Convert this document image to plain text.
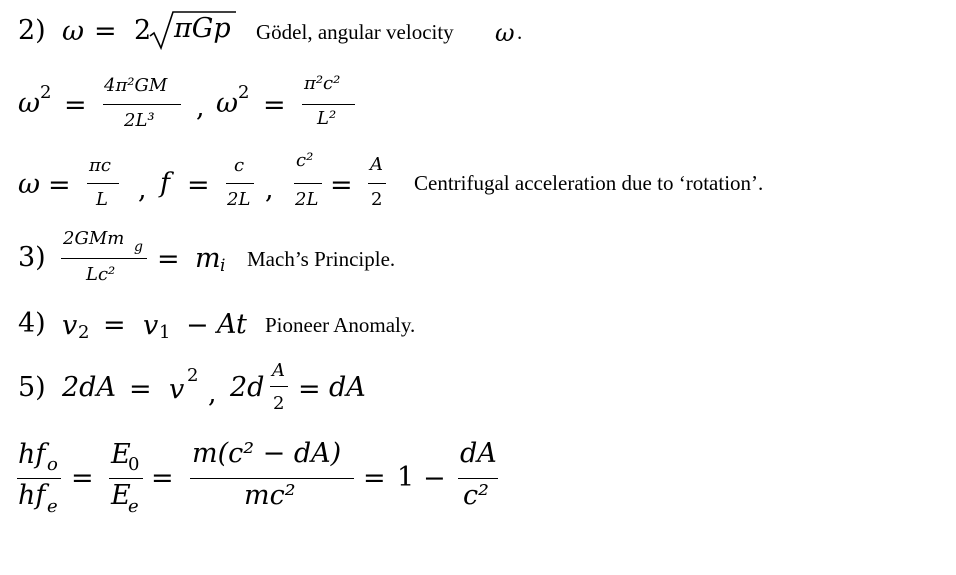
2) ω = 2 πGp Gödel, angular velocity ω .
ω 2 =
4π²GM
2L³ , ω 2 =
π²c²
L²
ω =
πc
L , f =
c
2L ,
c²
2L =
A
2
Centrifugal acceleration due to ‘rotation’.
3)
2GMm g
Lc² = m i Mach’s Principle.
4) v 2 = v 1 − At Pioneer Anomaly.
5) 2dA = v 2
, 2d
A
2 = dA
hf o
hf e
=
E
0
E
e
=
m(c² − dA)
mc²
= 1 −
dA
c²
